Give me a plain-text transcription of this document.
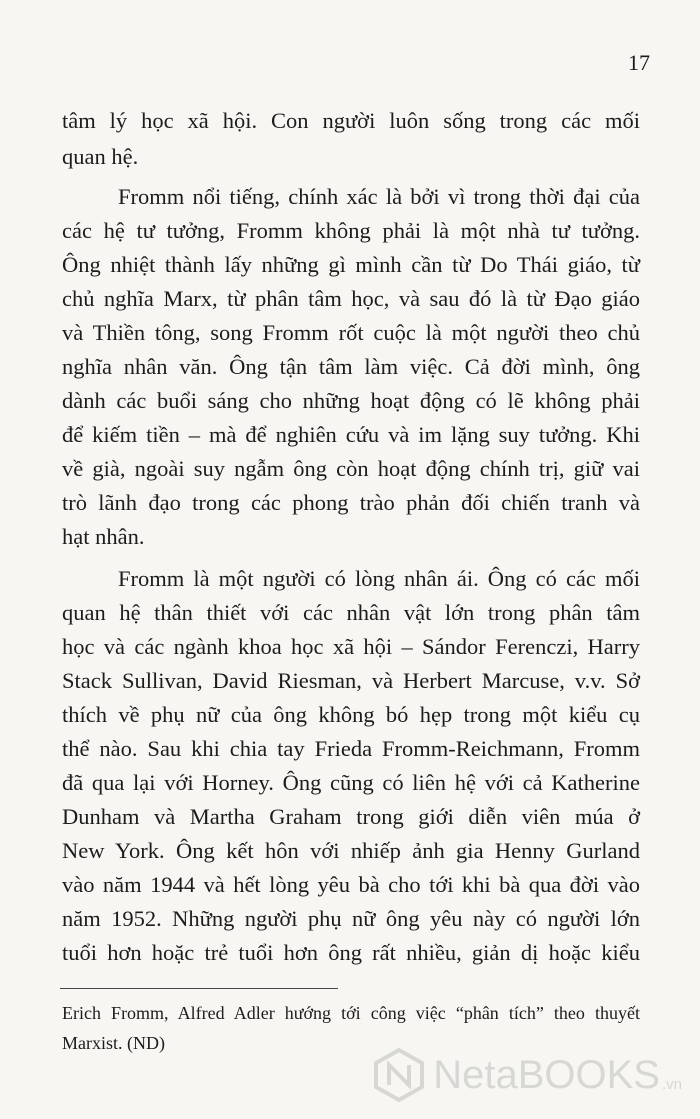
17
tâm lý học xã hội. Con người luôn sống trong các mối
quan hệ.
Fromm nổi tiếng, chính xác là bởi vì trong thời đại của
các hệ tư tưởng, Fromm không phải là một nhà tư tưởng.
Ông nhiệt thành lấy những gì mình cần từ Do Thái giáo, từ
chủ nghĩa Marx, từ phân tâm học, và sau đó là từ Đạo giáo
và Thiền tông, song Fromm rốt cuộc là một người theo chủ
nghĩa nhân văn. Ông tận tâm làm việc. Cả đời mình, ông
dành các buổi sáng cho những hoạt động có lẽ không phải
để kiếm tiền – mà để nghiên cứu và im lặng suy tưởng. Khi
về già, ngoài suy ngẫm ông còn hoạt động chính trị, giữ vai
trò lãnh đạo trong các phong trào phản đối chiến tranh và
hạt nhân.
Fromm là một người có lòng nhân ái. Ông có các mối
quan hệ thân thiết với các nhân vật lớn trong phân tâm
học và các ngành khoa học xã hội – Sándor Ferenczi, Harry
Stack Sullivan, David Riesman, và Herbert Marcuse, v.v. Sở
thích về phụ nữ của ông không bó hẹp trong một kiểu cụ
thể nào. Sau khi chia tay Frieda Fromm-Reichmann, Fromm
đã qua lại với Horney. Ông cũng có liên hệ với cả Katherine
Dunham và Martha Graham trong giới diễn viên múa ở
New York. Ông kết hôn với nhiếp ảnh gia Henny Gurland
vào năm 1944 và hết lòng yêu bà cho tới khi bà qua đời vào
năm 1952. Những người phụ nữ ông yêu này có người lớn
tuổi hơn hoặc trẻ tuổi hơn ông rất nhiều, giản dị hoặc kiểu
Erich Fromm, Alfred Adler hướng tới công việc “phân tích” theo thuyết
Marxist. (ND)
NetaBOOKS .vn
